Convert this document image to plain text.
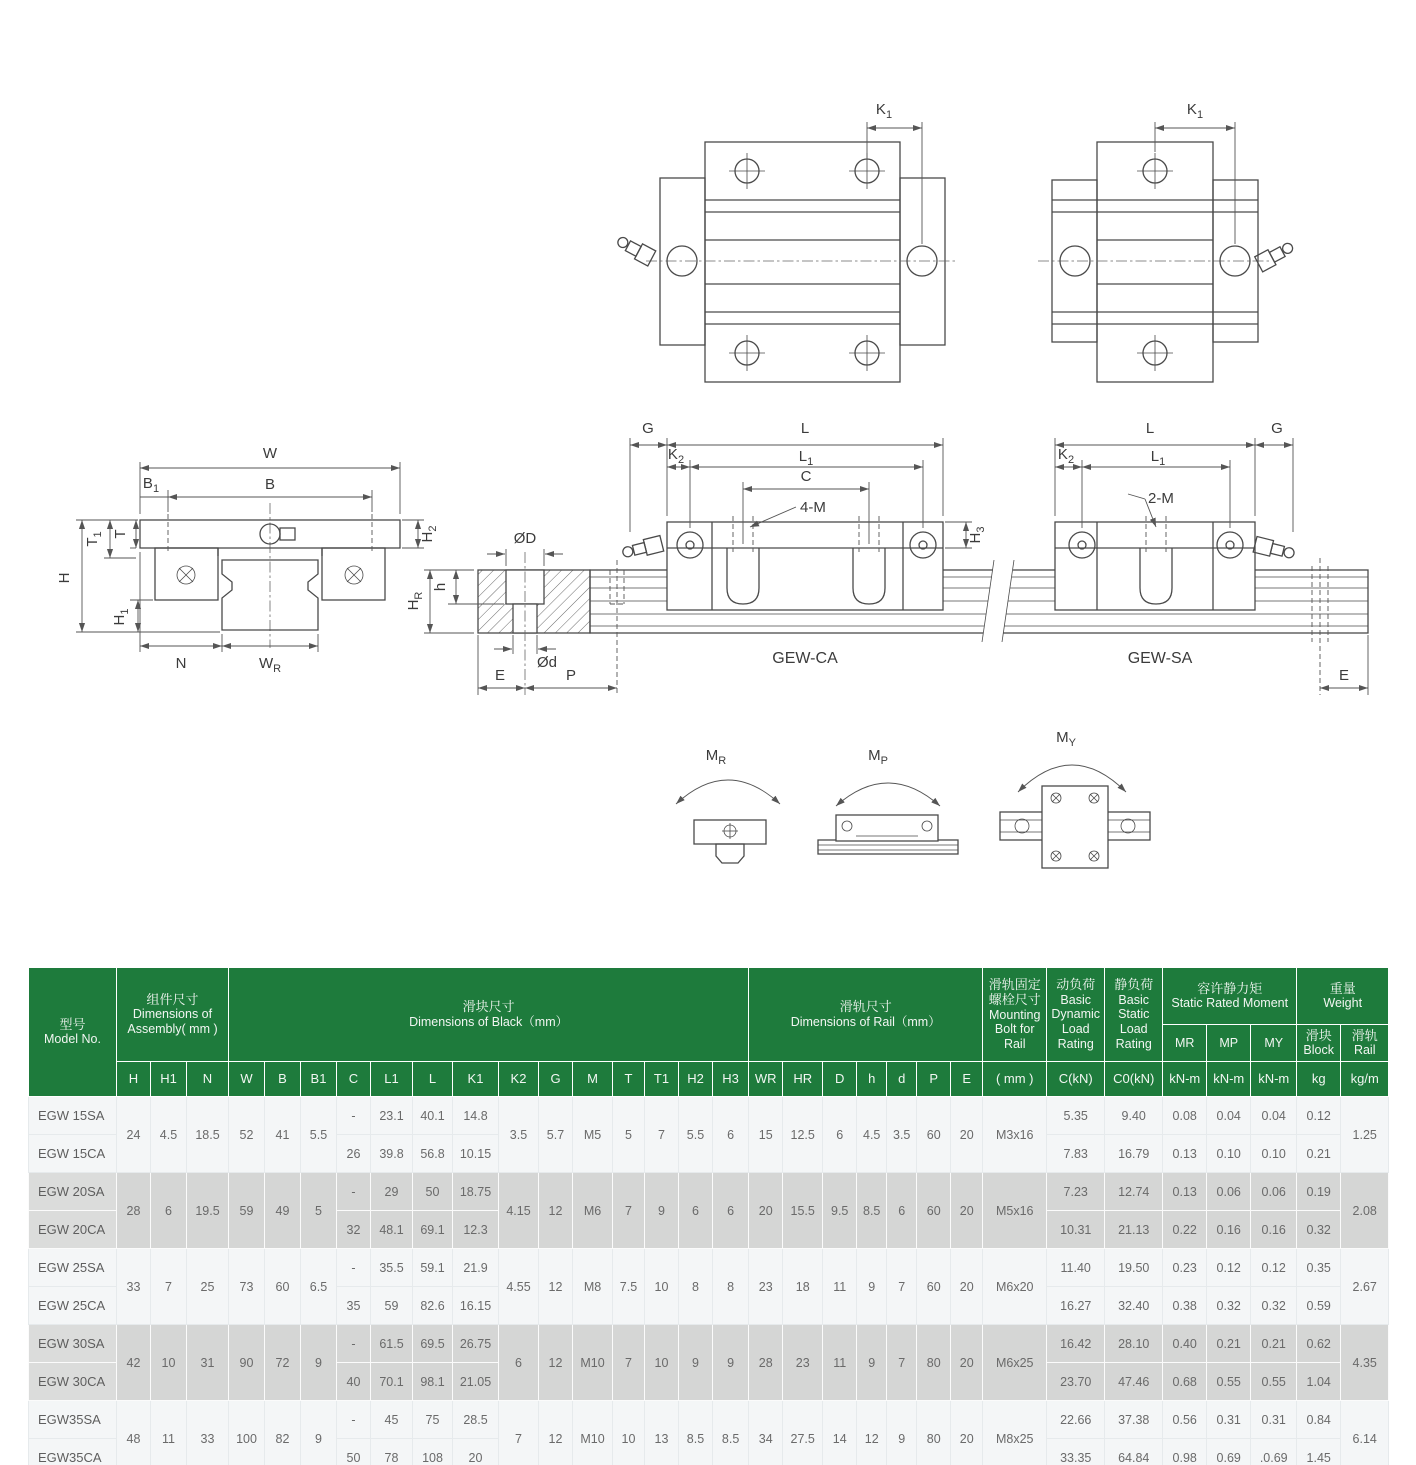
$K_1$	$K_1$
W
B
$B_1$
$T_1$ T
H
$H_1$
$H_2$
N	$W_R$
ØD
$H_R$
h
Ød
E	P
G	L
$K_2$	$L_1$
C
4-M
$H_3$
GEW-CA
L	G
$K_2$	$L_1$
2-M
E
GEW-SA
$M_R$	$M_P$
$M_Y$
型号
Model No.

组件尺寸
Dimensions of
Assembly( mm )

滑块尺寸
Dimensions of Black（mm）

滑轨尺寸
Dimensions of Rail（mm）

滑轨固定
螺栓尺寸
Mounting
Bolt for
Rail

动负荷
Basic
Dynamic
Load
Rating

静负荷
Basic
Static
Load
Rating

容许静力矩
Static Rated Moment

重量
Weight

MR	MP	MY	滑块
Block

滑轨
Rail

	H	H1	N	W	B	B1	C	L1	L	K1	K2	G	M	T	T1	H2	H3	WR	HR	D	h	d	P	E	( mm )	C(kN)	C0(kN)	kN-m	kN-m	kN-m	kg	kg/m
EGW 15SA	24	4.5	18.5	52	41	5.5	-	23.1	40.1	14.8	3.5	5.7	M5	5	7	5.5	6	15	12.5	6	4.5	3.5	60	20	M3x16	5.35	9.40	0.08	0.04	0.04	0.12	1.25
EGW 15CA							26	39.8	56.8	10.15																7.83	16.79	0.13	0.10	0.10	0.21	
EGW 20SA	28	6	19.5	59	49	5	-	29	50	18.75	4.15	12	M6	7	9	6	6	20	15.5	9.5	8.5	6	60	20	M5x16	7.23	12.74	0.13	0.06	0.06	0.19	2.08
EGW 20CA							32	48.1	69.1	12.3																10.31	21.13	0.22	0.16	0.16	0.32	
EGW 25SA	33	7	25	73	60	6.5	-	35.5	59.1	21.9	4.55	12	M8	7.5	10	8	8	23	18	11	9	7	60	20	M6x20	11.40	19.50	0.23	0.12	0.12	0.35	2.67
EGW 25CA							35	59	82.6	16.15																16.27	32.40	0.38	0.32	0.32	0.59	
EGW 30SA	42	10	31	90	72	9	-	61.5	69.5	26.75	6	12	M10	7	10	9	9	28	23	11	9	7	80	20	M6x25	16.42	28.10	0.40	0.21	0.21	0.62	4.35
EGW 30CA							40	70.1	98.1	21.05																23.70	47.46	0.68	0.55	0.55	1.04	
EGW35SA	48	11	33	100	82	9	-	45	75	28.5	7	12	M10	10	13	8.5	8.5	34	27.5	14	12	9	80	20	M8x25	22.66	37.38	0.56	0.31	0.31	0.84	6.14
EGW35CA							50	78	108	20																33.35	64.84	0.98	0.69	.0.69	1.45	
